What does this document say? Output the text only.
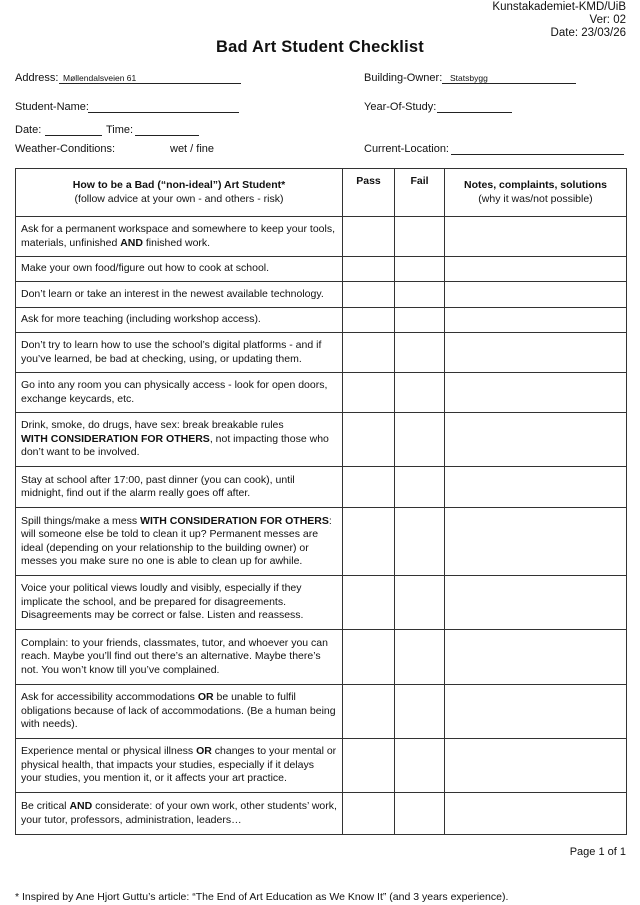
Kunstakademiet-KMD/UiB
Ver: 02
Date: 23/03/26
Bad Art Student Checklist
Address: Møllendalsveien 61	Building-Owner: Statsbygg
Student-Name:	Year-Of-Study:
Date:	Time:
Weather-Conditions:	wet / fine	Current-Location:
How to be a Bad (“non-ideal”) Art Student*
(follow advice at your own - and others - risk)	Pass	Fail	Notes, complaints, solutions
(why it was/not possible)
Ask for a permanent workspace and somewhere to keep your tools, materials, unfinished AND finished work.			
Make your own food/figure out how to cook at school.			
Don’t learn or take an interest in the newest available technology.			
Ask for more teaching (including workshop access).			
Don’t try to learn how to use the school’s digital platforms - and if you’ve learned, be bad at checking, using, or updating them.			
Go into any room you can physically access - look for open doors, exchange keycards, etc.			
Drink, smoke, do drugs, have sex: break breakable rules
WITH CONSIDERATION FOR OTHERS, not impacting those who don’t want to be involved.			
Stay at school after 17:00, past dinner (you can cook), until midnight, find out if the alarm really goes off after.			
Spill things/make a mess WITH CONSIDERATION FOR OTHERS: will someone else be told to clean it up? Permanent messes are ideal (depending on your relationship to the building owner) or messes you make sure no one is able to clean up for awhile.			
Voice your political views loudly and visibly, especially if they implicate the school, and be prepared for disagreements. Disagreements may be correct or false. Listen and reassess.			
Complain: to your friends, classmates, tutor, and whoever you can reach. Maybe you’ll find out there’s an alternative. Maybe there’s not. You won’t know till you’ve complained.			
Ask for accessibility accommodations OR be unable to fulfil obligations because of lack of accommodations. (Be a human being with needs).			
Experience mental or physical illness OR changes to your mental or physical health, that impacts your studies, especially if it delays your studies, you mention it, or it affects your art practice.			
Be critical AND considerate: of your own work, other students’ work, your tutor, professors, administration, leaders…			
Page 1 of 1
* Inspired by Ane Hjort Guttu’s article: “The End of Art Education as We Know It” (and 3 years experience).
